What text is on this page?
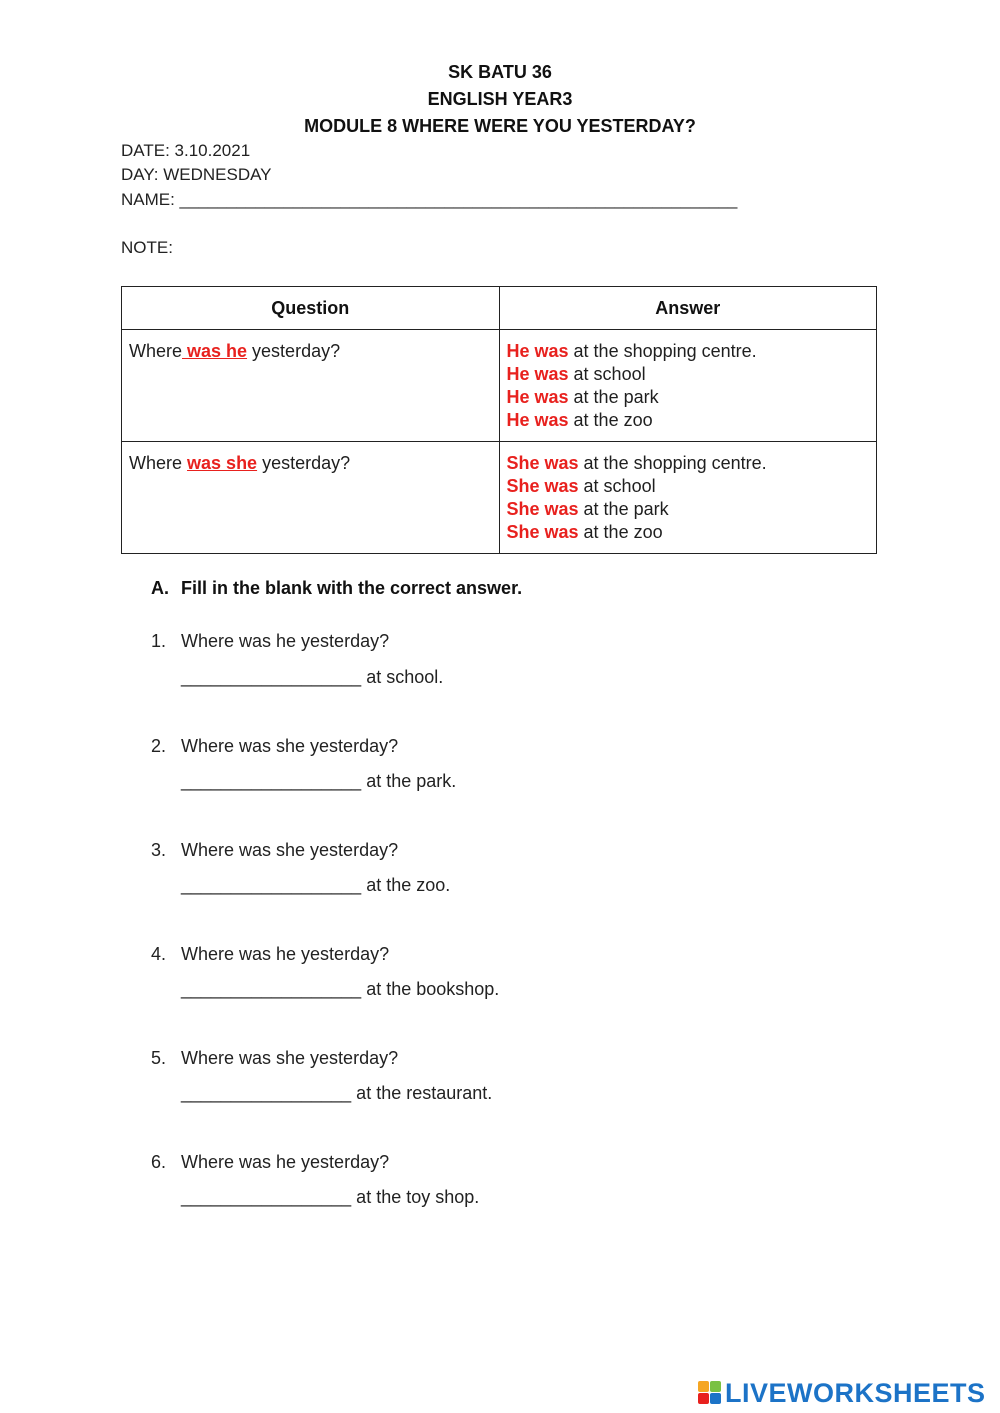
SK BATU 36
ENGLISH YEAR3
MODULE 8 WHERE WERE YOU YESTERDAY?
DATE: 3.10.2021
DAY: WEDNESDAY
NAME: ___________________________________________________________
NOTE:
Question	Answer
Where was he yesterday?	He was at the shopping centre.
He was at school
He was at the park
He was at the zoo

Where was she yesterday?	She was at the shopping centre.
She was at school
She was at the park
She was at the zoo
A. Fill in the blank with the correct answer.
1. Where was he yesterday?
__________________ at school.
2. Where was she yesterday?
__________________ at the park.
3. Where was she yesterday?
__________________ at the zoo.
4. Where was he yesterday?
__________________ at the bookshop.
5. Where was she yesterday?
_________________ at the restaurant.
6. Where was he yesterday?
_________________ at the toy shop.
LIVEWORKSHEETS
